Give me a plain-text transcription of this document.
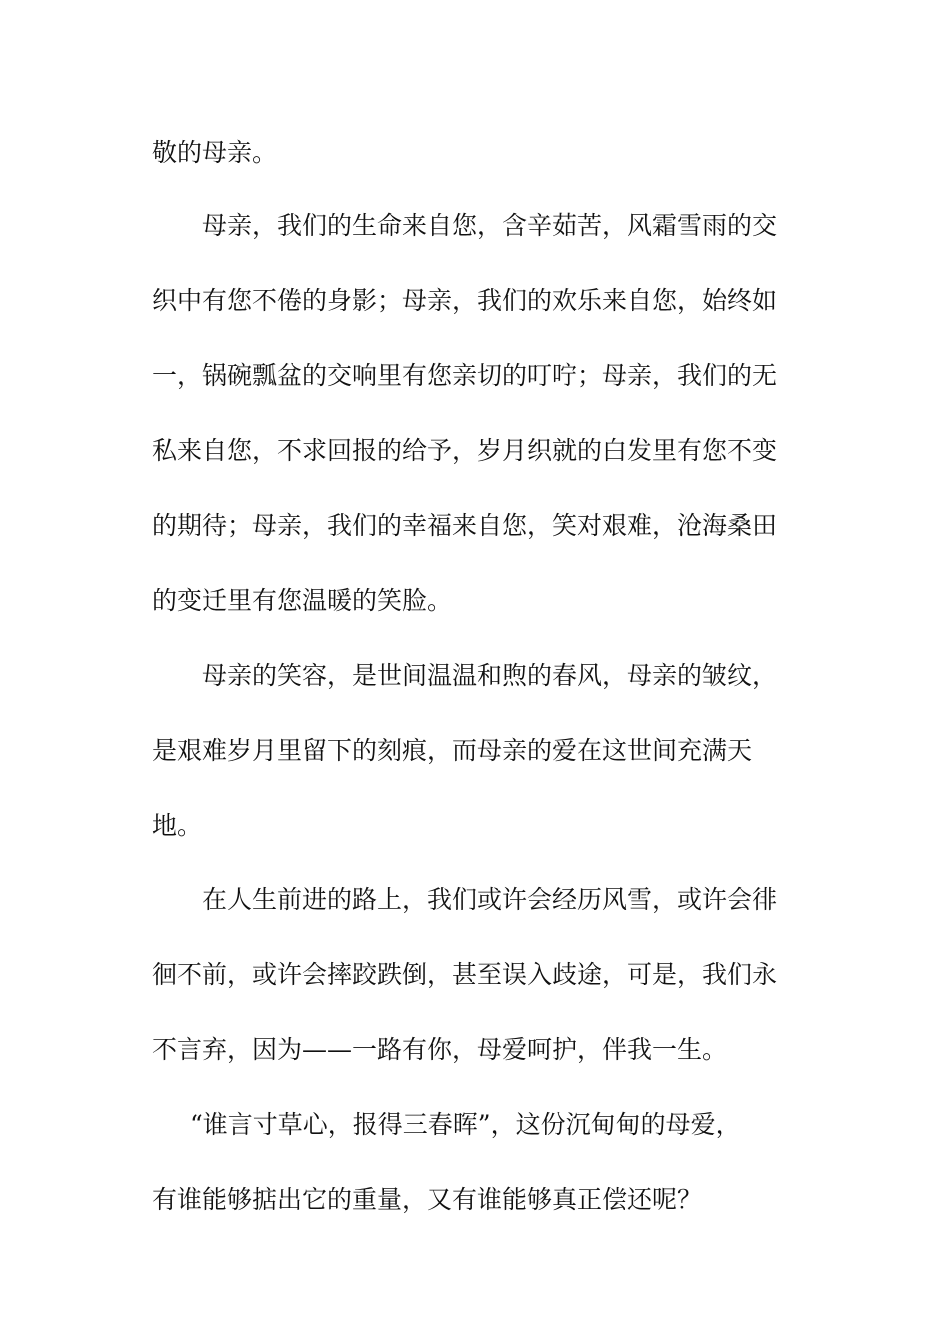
敬的母亲。

母亲，我们的生命来自您，含辛茹苦，风霜雪雨的交

织中有您不倦的身影；母亲，我们的欢乐来自您，始终如

一，锅碗瓢盆的交响里有您亲切的叮咛；母亲，我们的无

私来自您，不求回报的给予，岁月织就的白发里有您不变

的期待；母亲，我们的幸福来自您，笑对艰难，沧海桑田

的变迁里有您温暖的笑脸。

母亲的笑容，是世间温温和煦的春风，母亲的皱纹，

是艰难岁月里留下的刻痕，而母亲的爱在这世间充满天

地。

在人生前进的路上，我们或许会经历风雪，或许会徘

徊不前，或许会摔跤跌倒，甚至误入歧途，可是，我们永

不言弃，因为——一路有你，母爱呵护，伴我一生。

“谁言寸草心，报得三春晖”，这份沉甸甸的母爱，

有谁能够掂出它的重量，又有谁能够真正偿还呢？
